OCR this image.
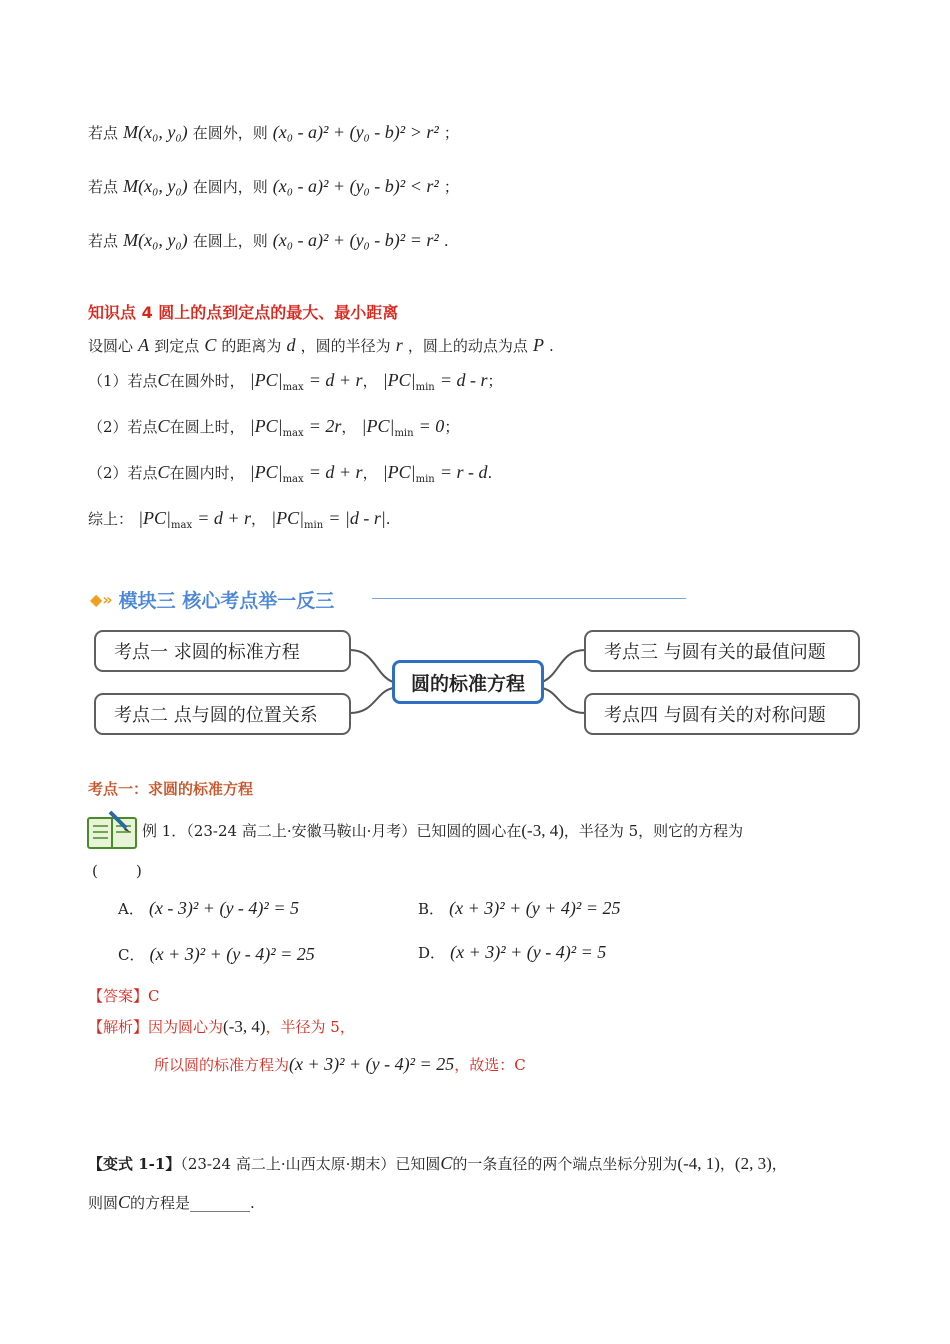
若点 M(x₀, y₀) 在圆外，则 (x₀ - a)² + (y₀ - b)² > r² ；
若点 M(x₀, y₀) 在圆内，则 (x₀ - a)² + (y₀ - b)² < r² ；
若点 M(x₀, y₀) 在圆上，则 (x₀ - a)² + (y₀ - b)² = r² .
知识点 4 圆上的点到定点的最大、最小距离
设圆心 A 到定点 C 的距离为 d ，圆的半径为 r ，圆上的动点为点 P .
（1）若点C在圆外时， $|PC|_{max} = d + r$， $|PC|_{min} = d - r$；
（2）若点C在圆上时， $|PC|_{max} = 2r$， $|PC|_{min} = 0$；
（2）若点C在圆内时， $|PC|_{max} = d + r$， $|PC|_{min} = r - d$.
综上： $|PC|_{max} = d + r$， $|PC|_{min} = |d - r|$.
◆» 模块三 核心考点举一反三
考点一 求圆的标准方程
考点二 点与圆的位置关系
圆的标准方程
考点三 与圆有关的最值问题
考点四 与圆有关的对称问题
考点一：求圆的标准方程
例 1．（23-24 高二上·安徽马鞍山·月考）已知圆的圆心在(-3, 4)，半径为 5，则它的方程为
(        )
A． (x - 3)² + (y - 4)² = 5	B． (x + 3)² + (y + 4)² = 25
C． (x + 3)² + (y - 4)² = 25	D． (x + 3)² + (y - 4)² = 5
【答案】C
【解析】因为圆心为(-3, 4)，半径为 5，
所以圆的标准方程为(x + 3)² + (y - 4)² = 25，故选：C
【变式 1-1】（23-24 高二上·山西太原·期末）已知圆C的一条直径的两个端点坐标分别为(-4, 1)，(2, 3)，
则圆C的方程是________.
